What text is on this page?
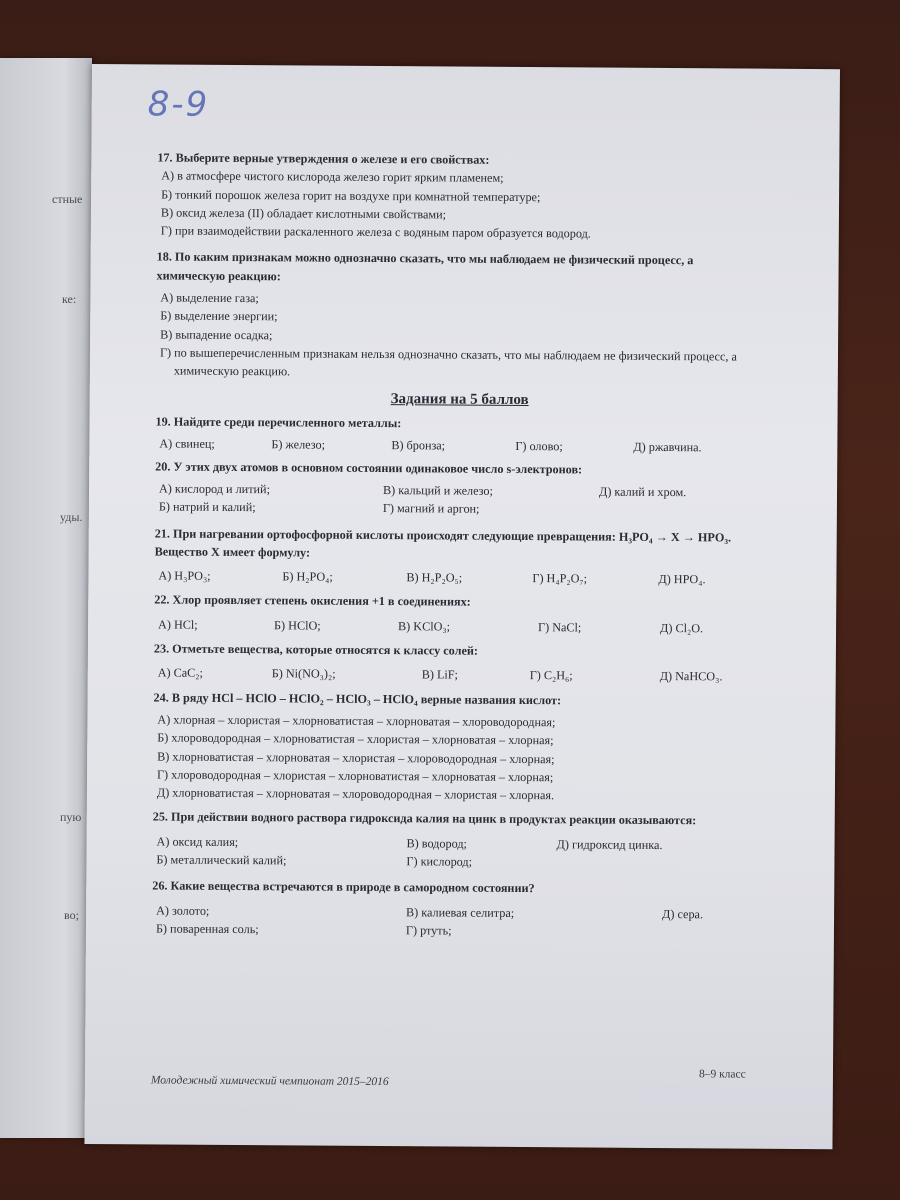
стные
ке:
уды.
пую
во;
8-9
17. Выберите верные утверждения о железе и его свойствах:
А) в атмосфере чистого кислорода железо горит ярким пламенем;
Б) тонкий порошок железа горит на воздухе при комнатной температуре;
В) оксид железа (II) обладает кислотными свойствами;
Г) при взаимодействии раскаленного железа с водяным паром образуется водород.
18. По каким признакам можно однозначно сказать, что мы наблюдаем не физический процесс, а химическую реакцию:
А) выделение газа;
Б) выделение энергии;
В) выпадение осадка;
Г) по вышеперечисленным признакам нельзя однозначно сказать, что мы наблюдаем не физический процесс, а химическую реакцию.
Задания на 5 баллов
19. Найдите среди перечисленного металлы:
А) свинец;	Б) железо;	В) бронза;	Г) олово;	Д) ржавчина.
20. У этих двух атомов в основном состоянии одинаковое число s-электронов:
А) кислород и литий;	В) кальций и железо;	Д) калий и хром.
Б) натрий и калий;	Г) магний и аргон;
21. При нагревании ортофосфорной кислоты происходят следующие превращения: H₃PO₄ → X → HPO₃. Вещество X имеет формулу:
А) H₃PO₃;	Б) H₂PO₄;	В) H₂P₂O₅;	Г) H₄P₂O₇;	Д) HPO₄.
22. Хлор проявляет степень окисления +1 в соединениях:
А) HCl;	Б) HClO;	В) KClO₃;	Г) NaCl;	Д) Cl₂O.
23. Отметьте вещества, которые относятся к классу солей:
А) CaC₂;	Б) Ni(NO₃)₂;	В) LiF;	Г) C₂H₆;	Д) NaHCO₃.
24. В ряду HCl – HClO – HClO₂ – HClO₃ – HClO₄ верные названия кислот:
А) хлорная – хлористая – хлорноватистая – хлорноватая – хлороводородная;
Б) хлороводородная – хлорноватистая – хлористая – хлорноватая – хлорная;
В) хлорноватистая – хлорноватая – хлористая – хлороводородная – хлорная;
Г) хлороводородная – хлористая – хлорноватистая – хлорноватая – хлорная;
Д) хлорноватистая – хлорноватая – хлороводородная – хлористая – хлорная.
25. При действии водного раствора гидроксида калия на цинк в продуктах реакции оказываются:
А) оксид калия;	В) водород;	Д) гидроксид цинка.
Б) металлический калий;	Г) кислород;
26. Какие вещества встречаются в природе в самородном состоянии?
А) золото;	В) калиевая селитра;	Д) сера.
Б) поваренная соль;	Г) ртуть;
Молодежный химический чемпионат 2015–2016
8–9 класс
